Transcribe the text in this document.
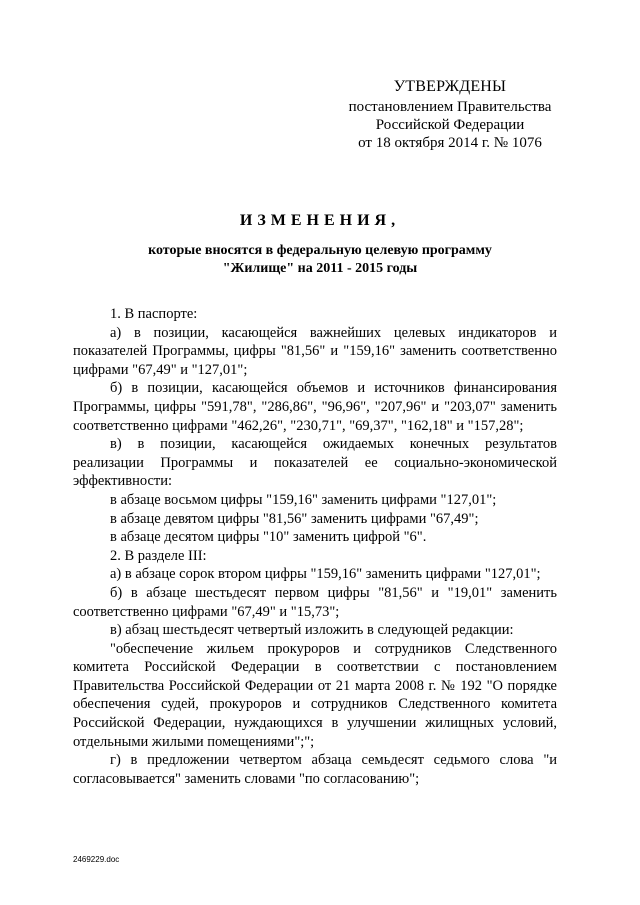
УТВЕРЖДЕНЫ
постановлением Правительства
Российской Федерации
от 18 октября 2014 г. № 1076
ИЗМЕНЕНИЯ,
которые вносятся в федеральную целевую программу
"Жилище" на 2011 - 2015 годы

1. В паспорте:

а) в позиции, касающейся важнейших целевых индикаторов и показателей Программы, цифры "81,56" и "159,16" заменить соответственно цифрами "67,49" и "127,01";

б) в позиции, касающейся объемов и источников финансирования Программы, цифры "591,78", "286,86", "96,96", "207,96" и "203,07" заменить соответственно цифрами "462,26", "230,71", "69,37", "162,18" и "157,28";

в) в позиции, касающейся ожидаемых конечных результатов реализации Программы и показателей ее социально-экономической эффективности:

в абзаце восьмом цифры "159,16" заменить цифрами "127,01";

в абзаце девятом цифры "81,56" заменить цифрами "67,49";

в абзаце десятом цифры "10" заменить цифрой "6".

2. В разделе III:

а) в абзаце сорок втором цифры "159,16" заменить цифрами "127,01";

б) в абзаце шестьдесят первом цифры "81,56" и "19,01" заменить соответственно цифрами "67,49" и "15,73";

в) абзац шестьдесят четвертый изложить в следующей редакции:

"обеспечение жильем прокуроров и сотрудников Следственного комитета Российской Федерации в соответствии с постановлением Правительства Российской Федерации от 21 марта 2008 г. № 192 "О порядке обеспечения судей, прокуроров и сотрудников Следственного комитета Российской Федерации, нуждающихся в улучшении жилищных условий, отдельными жилыми помещениями";";

г) в предложении четвертом абзаца семьдесят седьмого слова "и согласовывается" заменить словами "по согласованию";

2469229.doc
